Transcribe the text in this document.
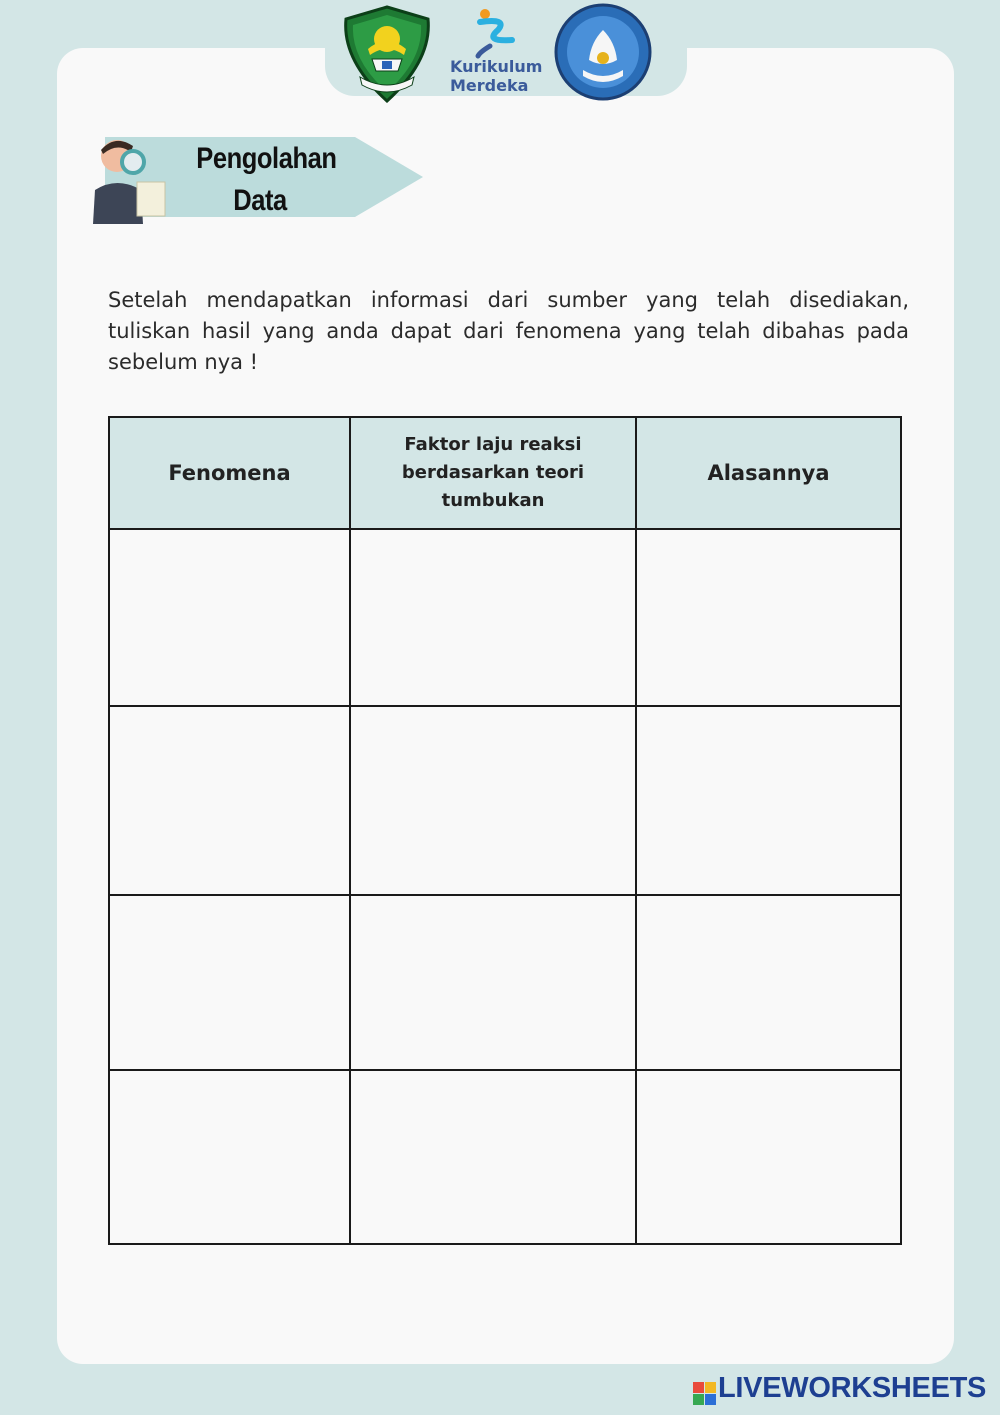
Kurikulum
Merdeka
Pengolahan
Data

Setelah mendapatkan informasi dari sumber yang telah disediakan, tuliskan hasil yang anda dapat dari fenomena yang telah dibahas pada sebelum nya !

Fenomena	Faktor laju reaksi berdasarkan teori tumbukan	Alasannya

LIVEWORKSHEETS
